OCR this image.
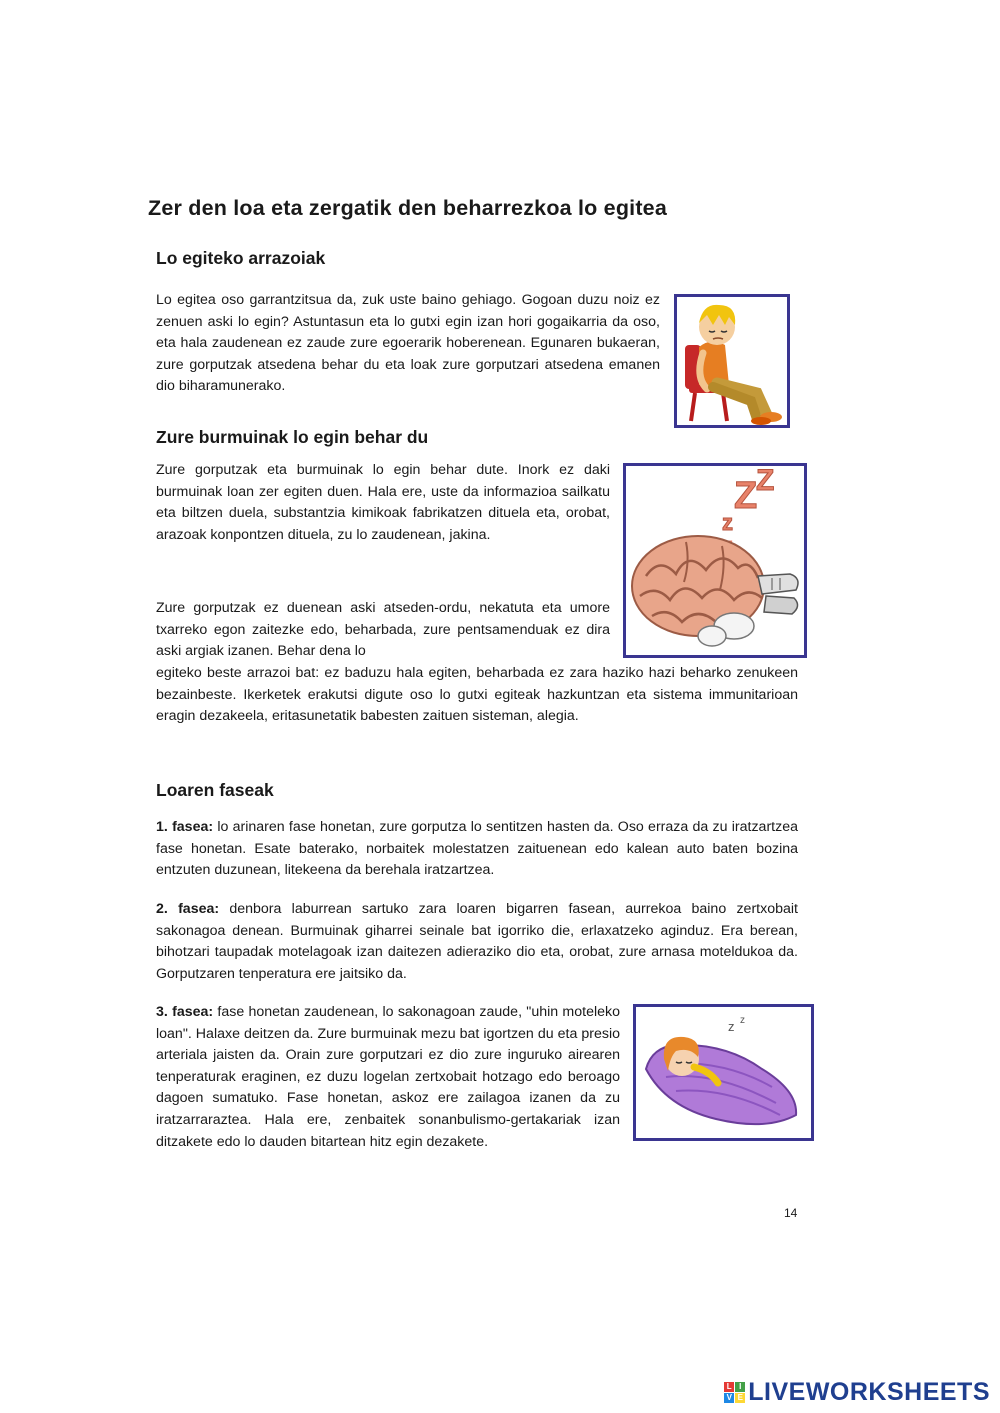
Zer den loa eta zergatik den beharrezkoa lo egitea
Lo egiteko arrazoiak

Lo egitea oso garrantzitsua da, zuk uste baino gehiago. Gogoan duzu noiz ez zenuen aski lo egin? Astuntasun eta lo gutxi egin izan hori gogaikarria da oso, eta hala zaudenean ez zaude zure egoerarik hoberenean. Egunaren bukaeran, zure gorputzak atsedena behar du eta loak zure gorputzari atsedena emanen dio biharamunerako.

Zure burmuinak lo egin behar du

Zure gorputzak eta burmuinak lo egin behar dute. Inork ez daki burmuinak loan zer egiten duen. Hala ere, uste da informazioa sailkatu eta biltzen duela, substantzia kimikoak fabrikatzen dituela eta, orobat, arazoak konpontzen dituela, zu lo zaudenean, jakina.

Zure gorputzak ez duenean aski atseden-ordu, nekatuta eta umore txarreko egon zaitezke edo, beharbada, zure pentsamenduak ez dira aski argiak izanen. Behar dena lo

egiteko beste arrazoi bat: ez baduzu hala egiten, beharbada ez zara haziko hazi beharko zenukeen bezainbeste. Ikerketek erakutsi digute oso lo gutxi egiteak hazkuntzan eta sistema immunitarioan eragin dezakeela, eritasunetatik babesten zaituen sisteman, alegia.

Z
Z
z
Loaren faseak

1. fasea: lo arinaren fase honetan, zure gorputza lo sentitzen hasten da. Oso erraza da zu iratzartzea fase honetan. Esate baterako, norbaitek molestatzen zaituenean edo kalean auto baten bozina entzuten duzunean, litekeena da berehala iratzartzea.

2. fasea: denbora laburrean sartuko zara loaren bigarren fasean, aurrekoa baino zertxobait sakonagoa denean. Burmuinak giharrei seinale bat igorriko die, erlaxatzeko aginduz. Era berean, bihotzari taupadak motelagoak izan daitezen adieraziko dio eta, orobat, zure arnasa moteldukoa da. Gorputzaren tenperatura ere jaitsiko da.

3. fasea: fase honetan zaudenean, lo sakonagoan zaude, "uhin moteleko loan". Halaxe deitzen da. Zure burmuinak mezu bat igortzen du eta presio arteriala jaisten da. Orain zure gorputzari ez dio zure inguruko airearen tenperaturak eraginen, ez duzu logelan zertxobait hotzago edo beroago dagoen sumatuko. Fase honetan, askoz ere zailagoa izanen da zu iratzarraraztea. Hala ere, zenbaitek sonanbulismo-gertakariak izan ditzakete edo lo dauden bitartean hitz egin dezakete.

z z
14
L I
V E LIVEWORKSHEETS
